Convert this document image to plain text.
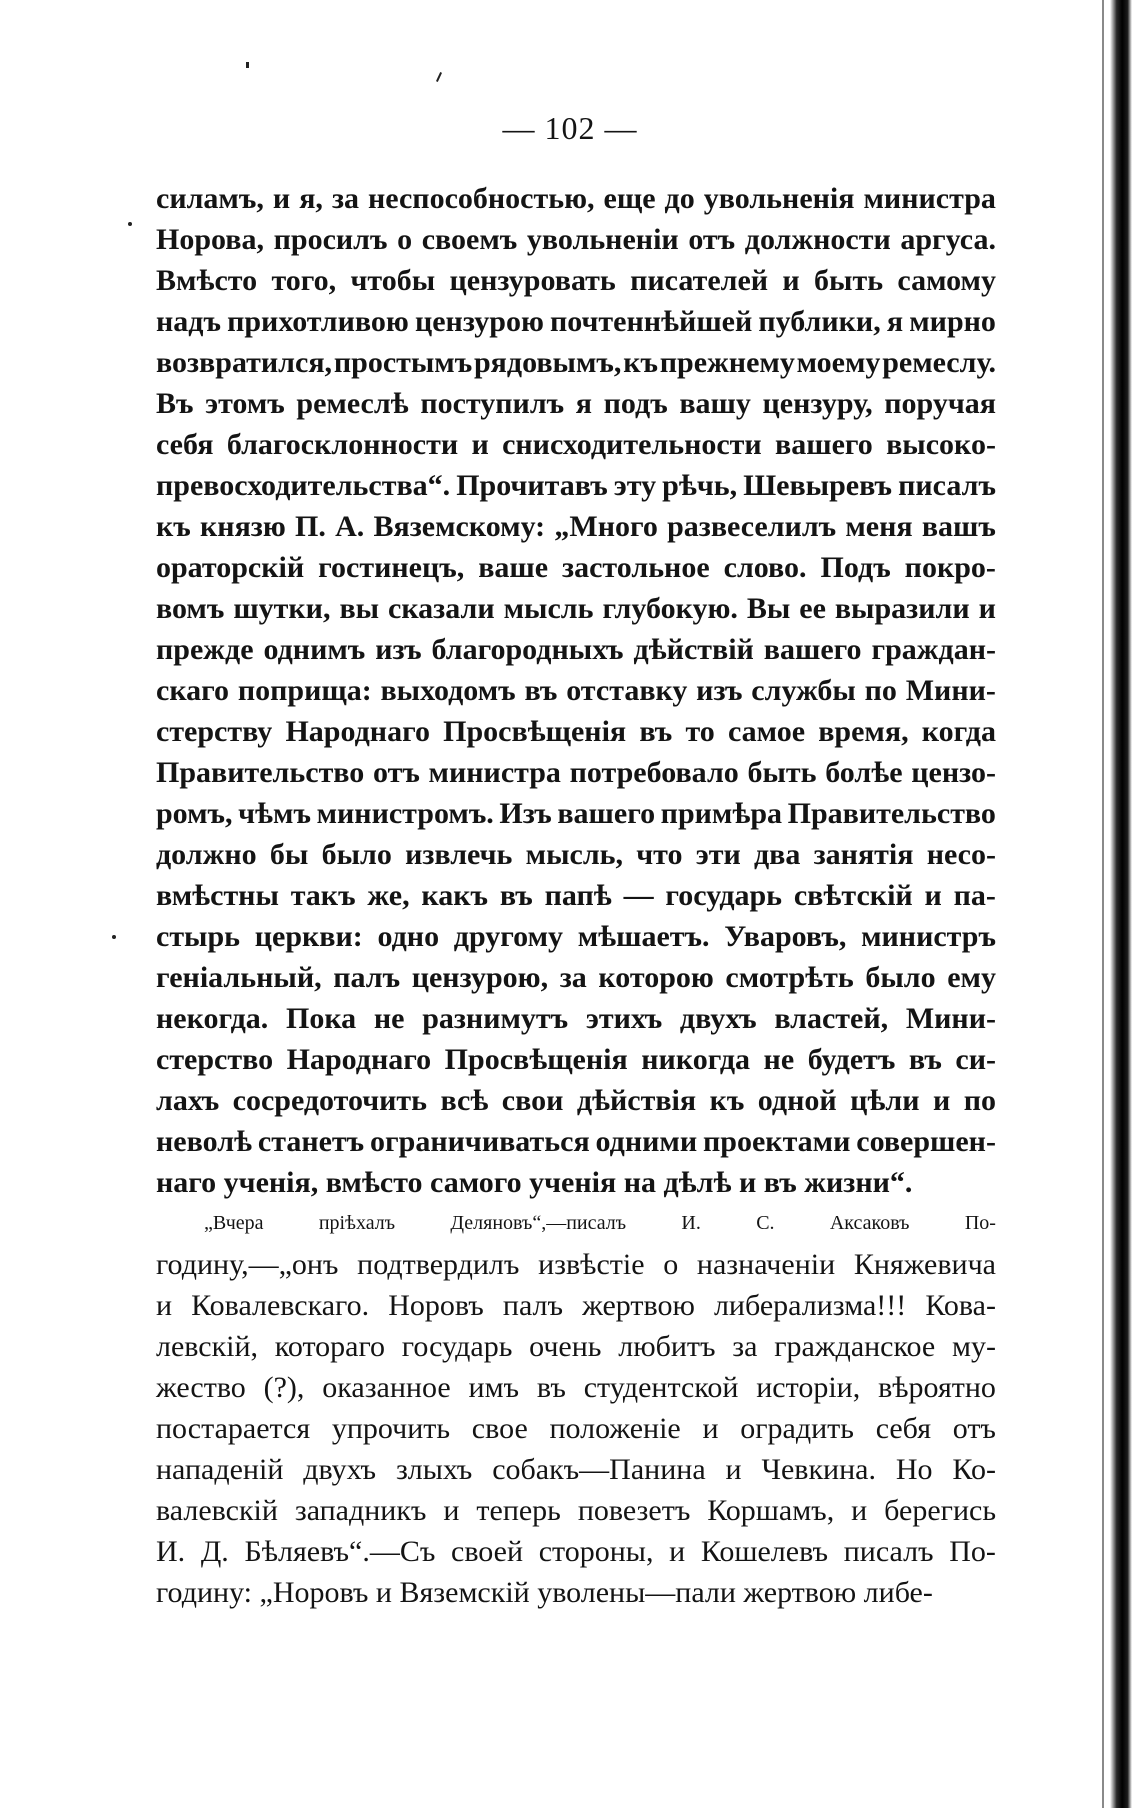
— 102 —
силамъ, и я, за неспособностью, еще до увольненія министра
Норова, просилъ о своемъ увольненіи отъ должности аргуса.
Вмѣсто того, чтобы цензуровать писателей и быть самому
надъ прихотливою цензурою почтеннѣйшей публики, я мирно
возвратился, простымъ рядовымъ, къ прежнему моему ремеслу.
Въ этомъ ремеслѣ поступилъ я подъ вашу цензуру, поручая
себя благосклонности и снисходительности вашего высоко-
превосходительства“. Прочитавъ эту рѣчь, Шевыревъ писалъ
къ князю П. А. Вяземскому: „Много развеселилъ меня вашъ
ораторскій гостинецъ, ваше застольное слово. Подъ покро-
вомъ шутки, вы сказали мысль глубокую. Вы ее выразили и
прежде однимъ изъ благородныхъ дѣйствій вашего граждан-
скаго поприща: выходомъ въ отставку изъ службы по Мини-
стерству Народнаго Просвѣщенія въ то самое время, когда
Правительство отъ министра потребовало быть болѣе цензо-
ромъ, чѣмъ министромъ. Изъ вашего примѣра Правительство
должно бы было извлечь мысль, что эти два занятія несо-
вмѣстны такъ же, какъ въ папѣ — государь свѣтскій и па-
стырь церкви: одно другому мѣшаетъ. Уваровъ, министръ
геніальный, палъ цензурою, за которою смотрѣть было ему
некогда. Пока не разнимутъ этихъ двухъ властей, Мини-
стерство Народнаго Просвѣщенія никогда не будетъ въ си-
лахъ сосредоточить всѣ свои дѣйствія къ одной цѣли и по
неволѣ станетъ ограничиваться одними проектами совершен-
наго ученія, вмѣсто самого ученія на дѣлѣ и въ жизни“.
„Вчера	пріѣхалъ	Деляновъ“,—писалъ	И.	С.	Аксаковъ	По-
годину,—„онъ подтвердилъ извѣстіе о назначеніи Княжевича
и Ковалевскаго. Норовъ палъ жертвою либерализма!!! Кова-
левскій, котораго государь очень любитъ за гражданское му-
жество (?), оказанное имъ въ студентской исторіи, вѣроятно
постарается упрочить свое положеніе и оградить себя отъ
нападеній двухъ злыхъ собакъ—Панина и Чевкина. Но Ко-
валевскій западникъ и теперь повезетъ Коршамъ, и берегись
И. Д. Бѣляевъ“.—Съ своей стороны, и Кошелевъ писалъ По-
годину: „Норовъ и Вяземскій уволены—пали жертвою либе-
